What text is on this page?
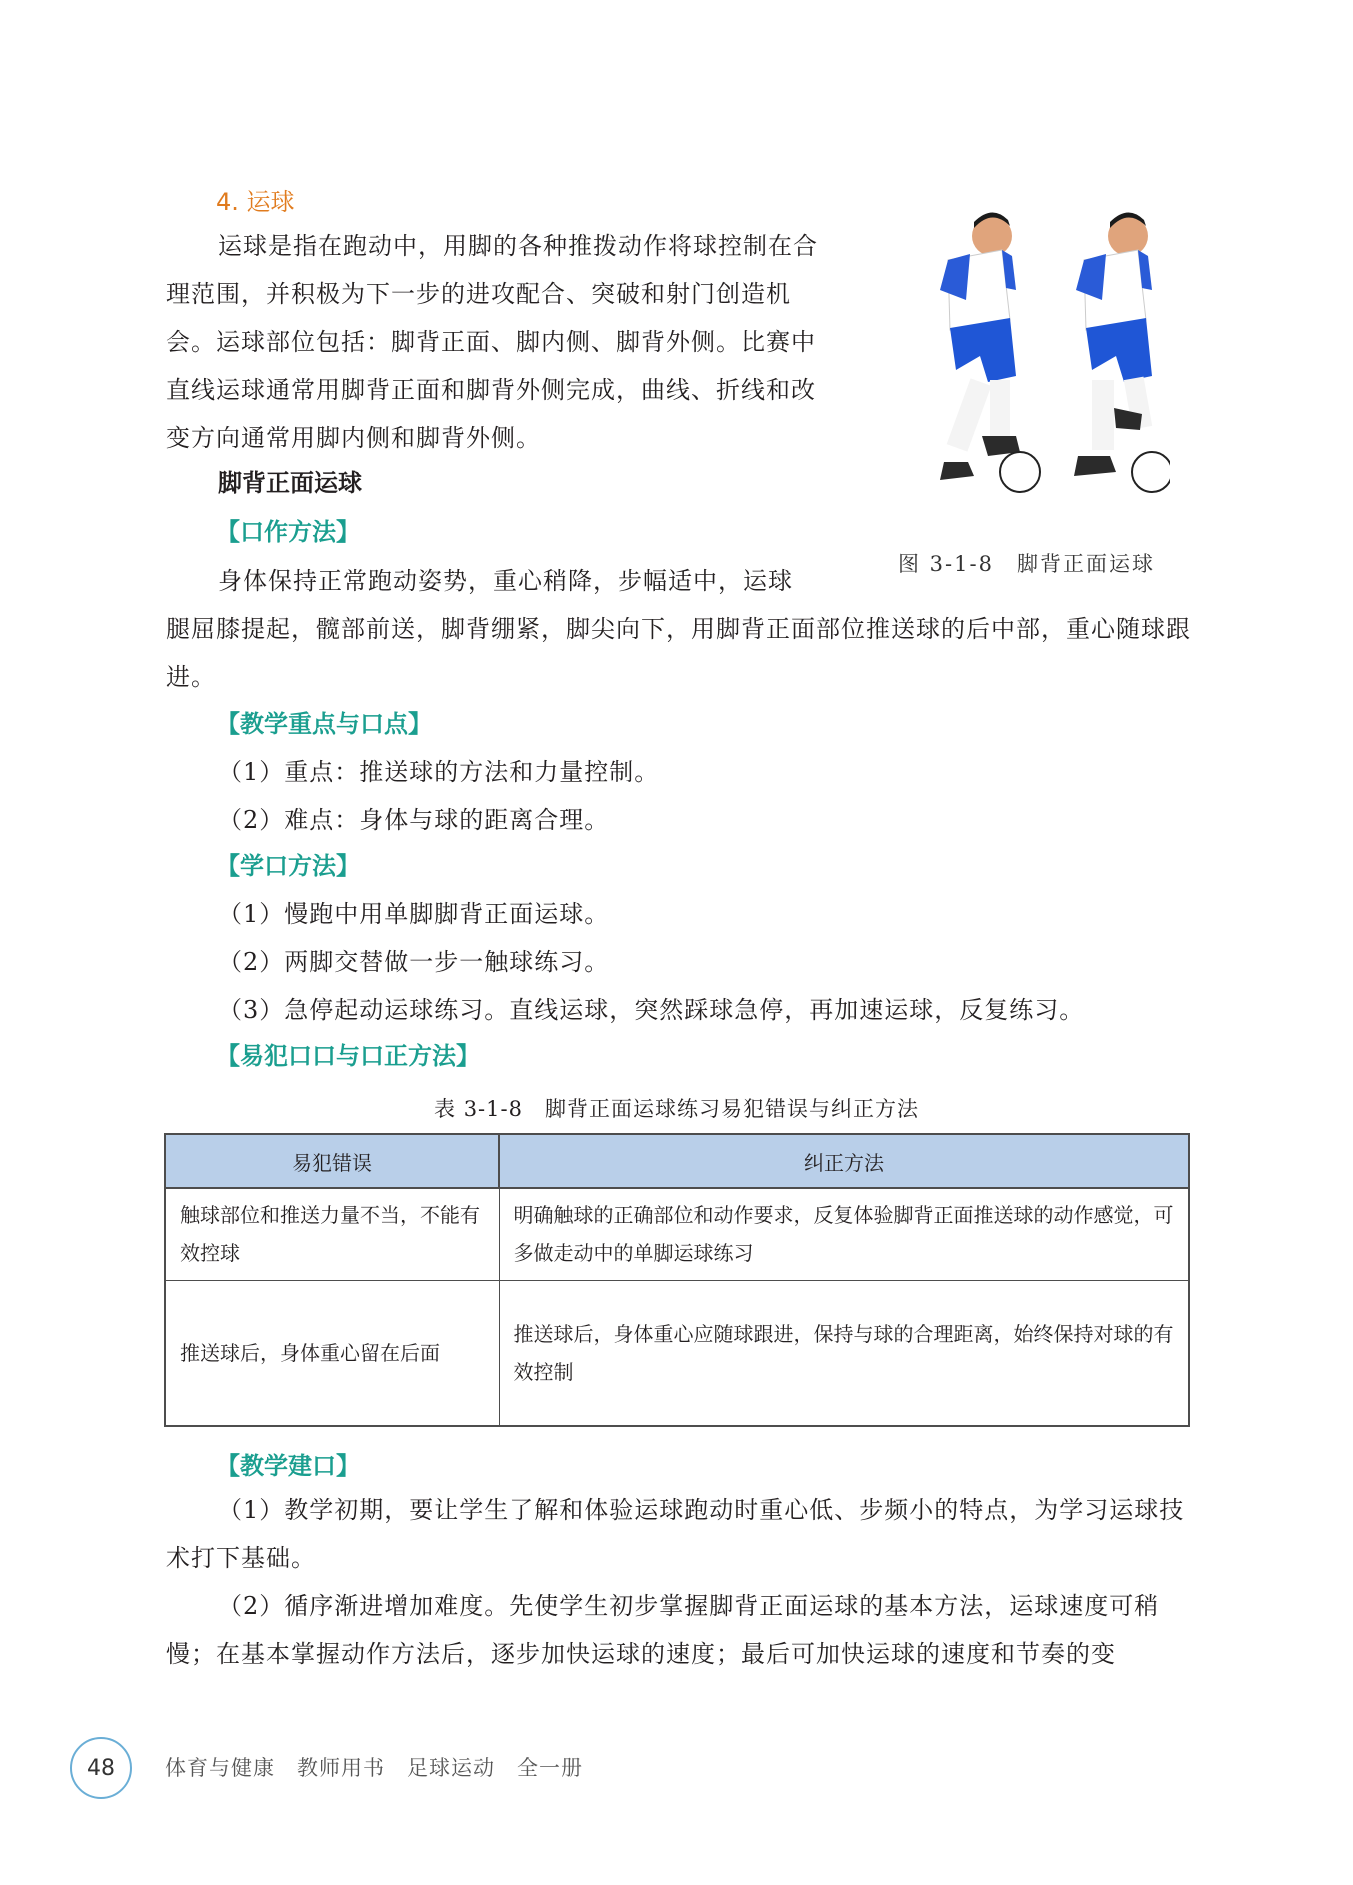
4. 运球
运球是指在跑动中，用脚的各种推拨动作将球控制在合理范围，并积极为下一步的进攻配合、突破和射门创造机会。运球部位包括：脚背正面、脚内侧、脚背外侧。比赛中直线运球通常用脚背正面和脚背外侧完成，曲线、折线和改变方向通常用脚内侧和脚背外侧。
脚背正面运球
【口作方法】
身体保持正常跑动姿势，重心稍降，步幅适中，运球
腿屈膝提起，髋部前送，脚背绷紧，脚尖向下，用脚背正面部位推送球的后中部，重心随球跟进。
图 3-1-8　脚背正面运球
【教学重点与口点】
（1）重点：推送球的方法和力量控制。
（2）难点：身体与球的距离合理。
【学口方法】
（1）慢跑中用单脚脚背正面运球。
（2）两脚交替做一步一触球练习。
（3）急停起动运球练习。直线运球，突然踩球急停，再加速运球，反复练习。
【易犯口口与口正方法】
表 3-1-8　脚背正面运球练习易犯错误与纠正方法
易犯错误	纠正方法
触球部位和推送力量不当，不能有效控球	明确触球的正确部位和动作要求，反复体验脚背正面推送球的动作感觉，可多做走动中的单脚运球练习
推送球后，身体重心留在后面	推送球后，身体重心应随球跟进，保持与球的合理距离，始终保持对球的有效控制
【教学建口】
（1）教学初期，要让学生了解和体验运球跑动时重心低、步频小的特点，为学习运球技术打下基础。
（2）循序渐进增加难度。先使学生初步掌握脚背正面运球的基本方法，运球速度可稍慢；在基本掌握动作方法后，逐步加快运球的速度；最后可加快运球的速度和节奏的变
48	体育与健康　教师用书　足球运动　全一册
